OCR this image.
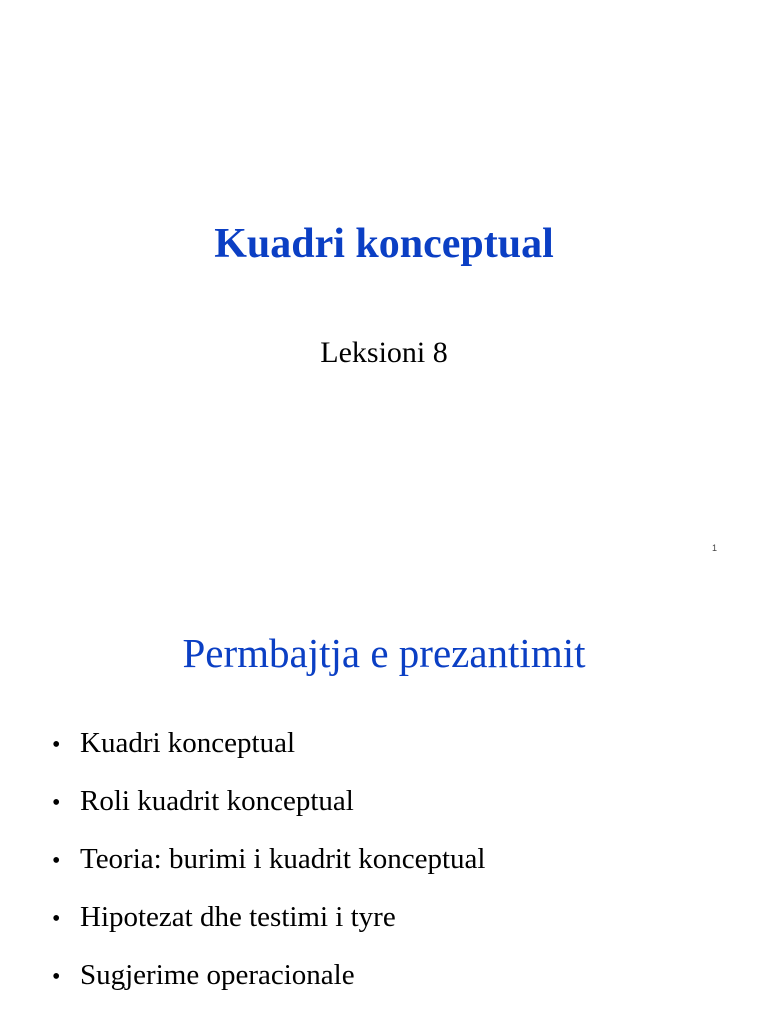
Kuadri konceptual
Leksioni 8
1
Permbajtja e prezantimit
• Kuadri konceptual
• Roli kuadrit konceptual
• Teoria: burimi i kuadrit konceptual
• Hipotezat dhe testimi i tyre
• Sugjerime operacionale
